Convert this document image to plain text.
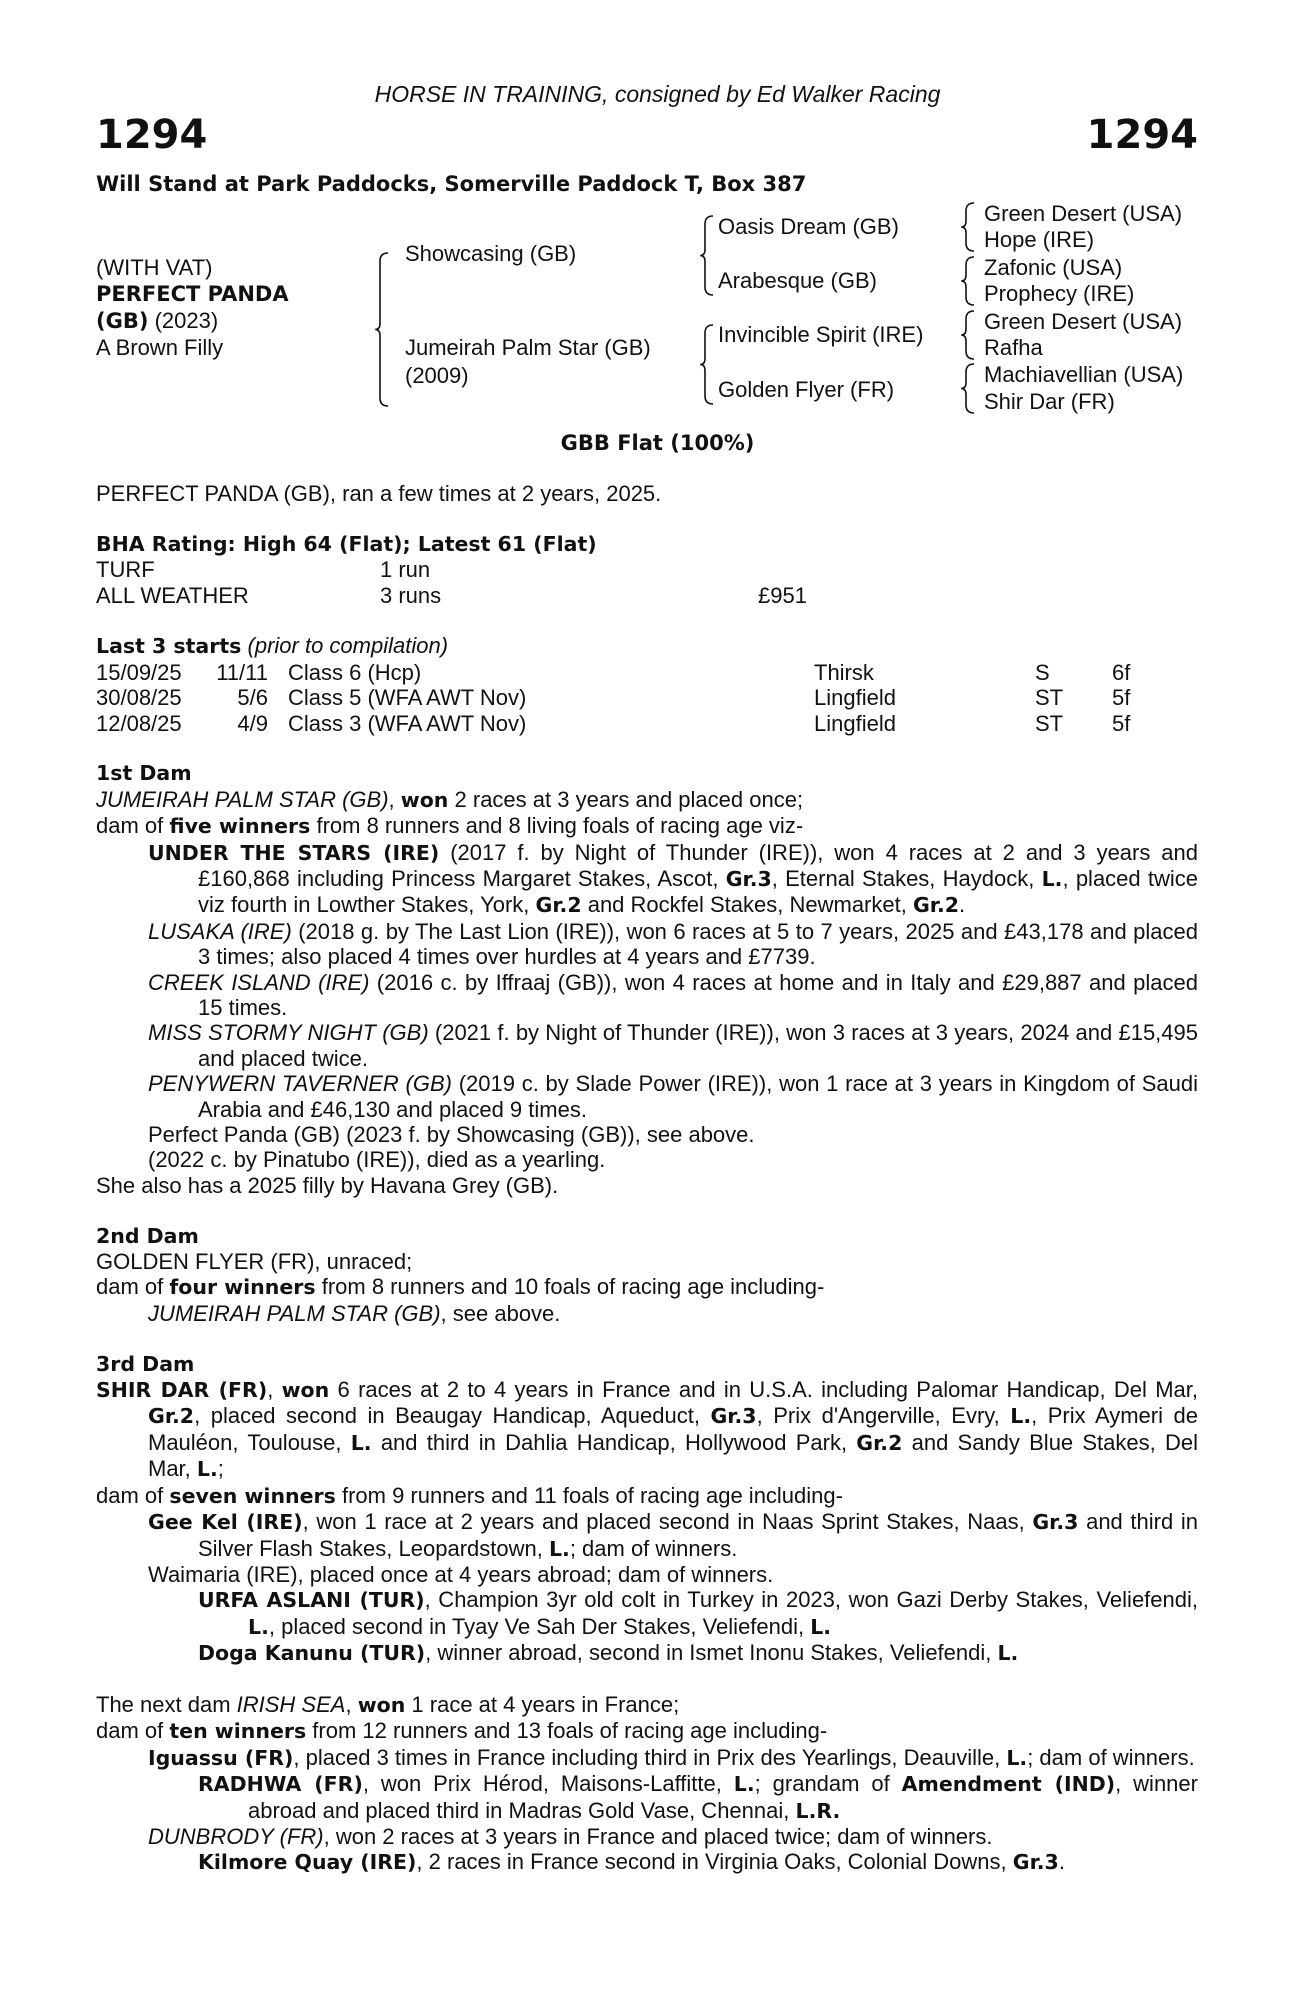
HORSE IN TRAINING, consigned by Ed Walker Racing
1294	1294
Will Stand at Park Paddocks, Somerville Paddock T, Box 387
(WITH VAT)
PERFECT PANDA
(GB) (2023)
A Brown Filly
Showcasing (GB)
Jumeirah Palm Star (GB)
(2009)
Oasis Dream (GB)
Arabesque (GB)
Invincible Spirit (IRE)
Golden Flyer (FR)
Green Desert (USA)
Hope (IRE)
Zafonic (USA)
Prophecy (IRE)
Green Desert (USA)
Rafha
Machiavellian (USA)
Shir Dar (FR)
GBB Flat (100%)
PERFECT PANDA (GB), ran a few times at 2 years, 2025.
BHA Rating: High 64 (Flat); Latest 61 (Flat)
TURF	1 run
ALL WEATHER	3 runs	£951
Last 3 starts (prior to compilation)
15/09/25 11/11 Class 6 (Hcp)	Thirsk	S	6f
30/08/25	5/6 Class 5 (WFA AWT Nov)	Lingfield	ST 5f
12/08/25	4/9 Class 3 (WFA AWT Nov)	Lingfield	ST 5f
1st Dam
JUMEIRAH PALM STAR (GB), won 2 races at 3 years and placed once;
dam of five winners from 8 runners and 8 living foals of racing age viz-
UNDER THE STARS (IRE) (2017 f. by Night of Thunder (IRE)), won 4 races at 2 and 3 years and £160,868 including Princess Margaret Stakes, Ascot, Gr.3, Eternal Stakes, Haydock, L., placed twice viz fourth in Lowther Stakes, York, Gr.2 and Rockfel Stakes, Newmarket, Gr.2.
LUSAKA (IRE) (2018 g. by The Last Lion (IRE)), won 6 races at 5 to 7 years, 2025 and £43,178 and placed 3 times; also placed 4 times over hurdles at 4 years and £7739.
CREEK ISLAND (IRE) (2016 c. by Iffraaj (GB)), won 4 races at home and in Italy and £29,887 and placed 15 times.
MISS STORMY NIGHT (GB) (2021 f. by Night of Thunder (IRE)), won 3 races at 3 years, 2024 and £15,495 and placed twice.
PENYWERN TAVERNER (GB) (2019 c. by Slade Power (IRE)), won 1 race at 3 years in Kingdom of Saudi Arabia and £46,130 and placed 9 times.
Perfect Panda (GB) (2023 f. by Showcasing (GB)), see above.
(2022 c. by Pinatubo (IRE)), died as a yearling.
She also has a 2025 filly by Havana Grey (GB).
2nd Dam
GOLDEN FLYER (FR), unraced;
dam of four winners from 8 runners and 10 foals of racing age including-
JUMEIRAH PALM STAR (GB), see above.
3rd Dam
SHIR DAR (FR), won 6 races at 2 to 4 years in France and in U.S.A. including Palomar Handicap, Del Mar, Gr.2, placed second in Beaugay Handicap, Aqueduct, Gr.3, Prix d'Angerville, Evry, L., Prix Aymeri de Mauléon, Toulouse, L. and third in Dahlia Handicap, Hollywood Park, Gr.2 and Sandy Blue Stakes, Del Mar, L.;
dam of seven winners from 9 runners and 11 foals of racing age including-
Gee Kel (IRE), won 1 race at 2 years and placed second in Naas Sprint Stakes, Naas, Gr.3 and third in Silver Flash Stakes, Leopardstown, L.; dam of winners.
Waimaria (IRE), placed once at 4 years abroad; dam of winners.
URFA ASLANI (TUR), Champion 3yr old colt in Turkey in 2023, won Gazi Derby Stakes, Veliefendi, L., placed second in Tyay Ve Sah Der Stakes, Veliefendi, L.
Doga Kanunu (TUR), winner abroad, second in Ismet Inonu Stakes, Veliefendi, L.
The next dam IRISH SEA, won 1 race at 4 years in France;
dam of ten winners from 12 runners and 13 foals of racing age including-
Iguassu (FR), placed 3 times in France including third in Prix des Yearlings, Deauville, L.; dam of winners.
RADHWA (FR), won Prix Hérod, Maisons-Laffitte, L.; grandam of Amendment (IND), winner abroad and placed third in Madras Gold Vase, Chennai, L.R.
DUNBRODY (FR), won 2 races at 3 years in France and placed twice; dam of winners.
Kilmore Quay (IRE), 2 races in France second in Virginia Oaks, Colonial Downs, Gr.3.
